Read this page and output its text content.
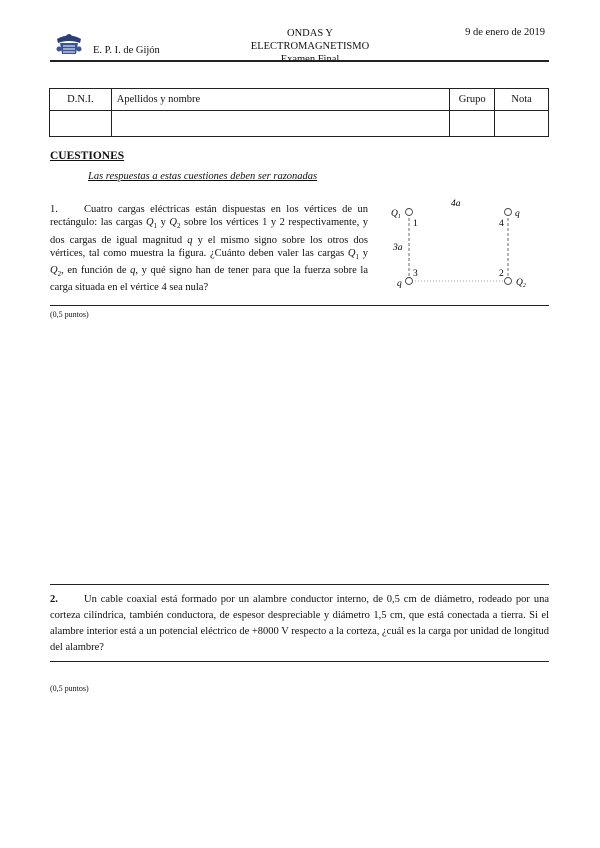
E. P. I. de Gijón
ONDAS Y ELECTROMAGNETISMO
Examen Final
9 de enero de 2019
D.N.I.	Apellidos y nombre	Grupo	Nota

CUESTIONES
Las respuestas a estas cuestiones deben ser razonadas
1. Cuatro cargas eléctricas están dispuestas en los vértices de un rectángulo: las cargas $Q_1$ y $Q_2$ sobre los vértices 1 y 2 respectivamente, y dos cargas de igual magnitud q y el mismo signo sobre los otros dos vértices, tal como muestra la figura. ¿Cuánto deben valer las cargas $Q_1$ y $Q_2$, en función de q, y qué signo han de tener para que la fuerza sobre la carga situada en el vértice 4 sea nula?
4a
3a
$Q_1$
1
q
4
q
3
$Q_2$
2
(0,5 puntos)
2. Un cable coaxial está formado por un alambre conductor interno, de 0,5 cm de diámetro, rodeado por una corteza cilíndrica, también conductora, de espesor despreciable y diámetro 1,5 cm, que está conectada a tierra. Si el alambre interior está a un potencial eléctrico de +8000 V respecto a la corteza, ¿cuál es la carga por unidad de longitud del alambre?
(0,5 puntos)
